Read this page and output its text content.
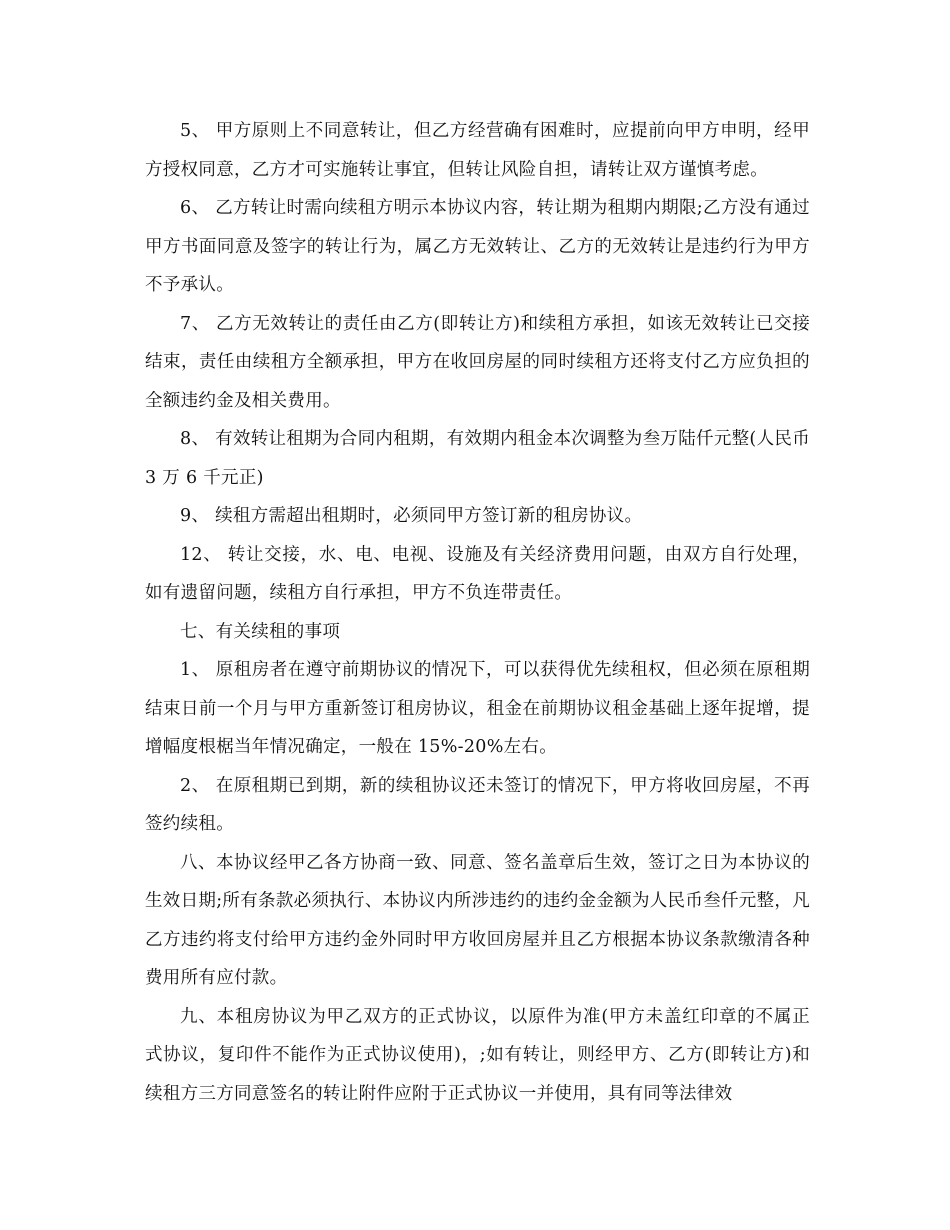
5、 甲方原则上不同意转让，但乙方经营确有困难时，应提前向甲方申明，经甲方授权同意，乙方才可实施转让事宜，但转让风险自担，请转让双方谨慎考虑。

6、 乙方转让时需向续租方明示本协议内容，转让期为租期内期限;乙方没有通过甲方书面同意及签字的转让行为，属乙方无效转让、乙方的无效转让是违约行为甲方不予承认。

7、 乙方无效转让的责任由乙方(即转让方)和续租方承担，如该无效转让已交接结束，责任由续租方全额承担，甲方在收回房屋的同时续租方还将支付乙方应负担的全额违约金及相关费用。

8、 有效转让租期为合同内租期，有效期内租金本次调整为叁万陆仟元整(人民币 3 万 6 千元正)

9、 续租方需超出租期时，必须同甲方签订新的租房协议。

12、 转让交接，水、电、电视、设施及有关经济费用问题，由双方自行处理，如有遗留问题，续租方自行承担，甲方不负连带责任。

七、有关续租的事项

1、 原租房者在遵守前期协议的情况下，可以获得优先续租权，但必须在原租期结束日前一个月与甲方重新签订租房协议，租金在前期协议租金基础上逐年捉增，提增幅度根椐当年情况确定，一般在 15%-20%左右。

2、 在原租期已到期，新的续租协议还未签订的情况下，甲方将收回房屋，不再签约续租。

八、本协议经甲乙各方协商一致、同意、签名盖章后生效，签订之日为本协议的生效日期;所有条款必须执行、本协议内所涉违约的违约金金额为人民币叁仟元整，凡乙方违约将支付给甲方违约金外同时甲方收回房屋并且乙方根据本协议条款缴清各种费用所有应付款。

九、本租房协议为甲乙双方的正式协议，以原件为准(甲方未盖红印章的不属正式协议，复印件不能作为正式协议使用)，;如有转让，则经甲方、乙方(即转让方)和续租方三方同意签名的转让附件应附于正式协议一并使用，具有同等法律效
